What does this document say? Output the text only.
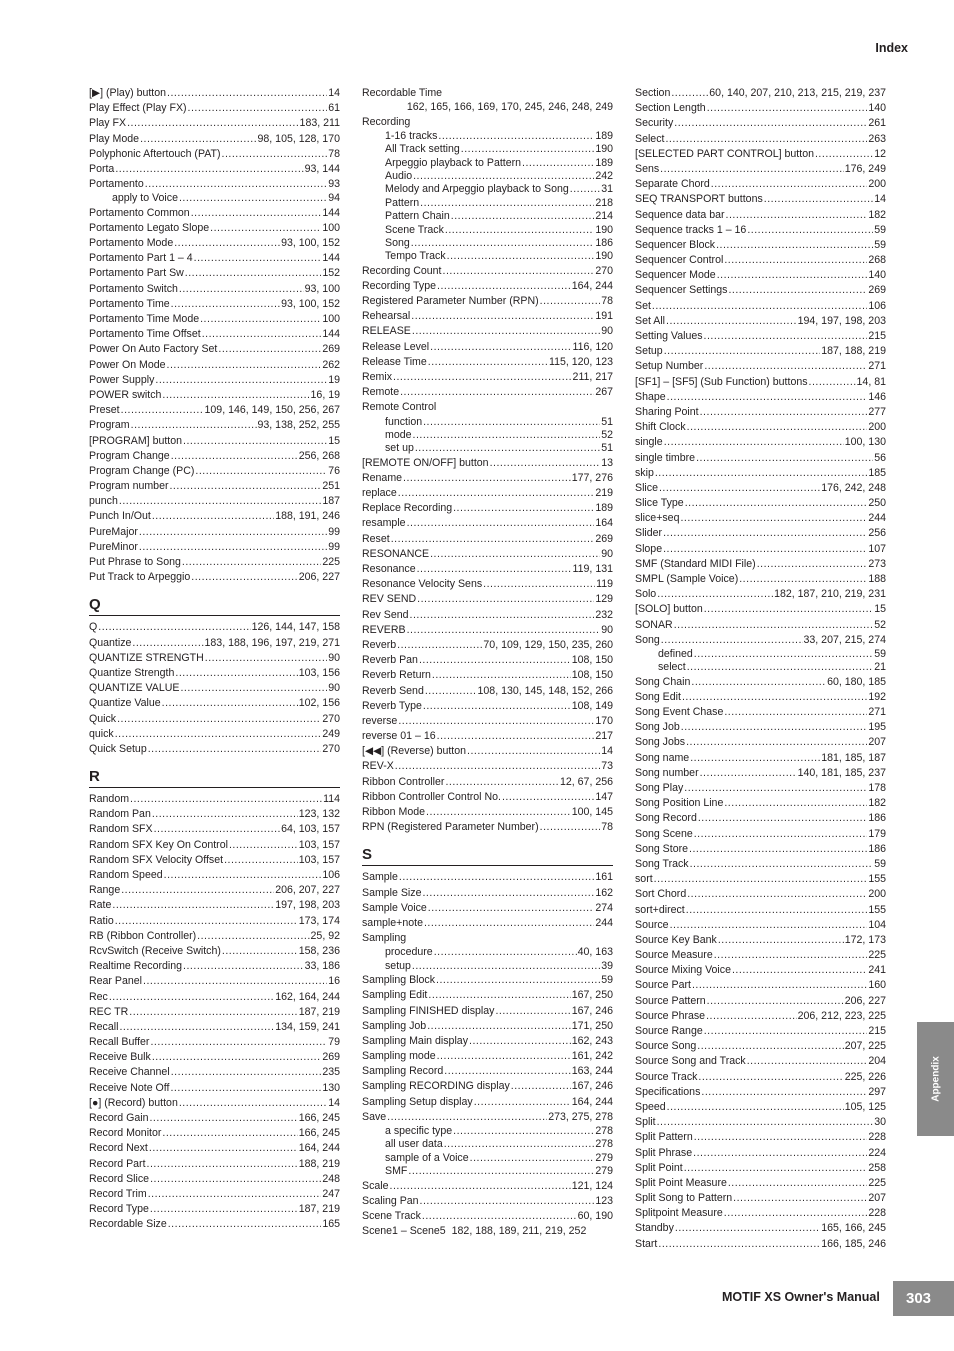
Index
[▶] (Play) button .....	14
Play Effect (Play FX) .....	61
Play FX .....	183, 211
Play Mode .....	98, 105, 128, 170
Polyphonic Aftertouch (PAT) .....	78
Porta .....	93, 144
Portamento .....	93
apply to Voice .....	94
Portamento Common .....	144
Portamento Legato Slope .....	100
Portamento Mode .....	93, 100, 152
Portamento Part 1 – 4 .....	144
Portamento Part Sw .....	152
Portamento Switch .....	93, 100
Portamento Time .....	93, 100, 152
Portamento Time Mode .....	100
Portamento Time Offset .....	144
Power On Auto Factory Set .....	269
Power On Mode .....	262
Power Supply .....	19
POWER switch .....	16, 19
Preset .....	109, 146, 149, 150, 256, 267
Program .....	93, 138, 252, 255
[PROGRAM] button .....	15
Program Change .....	256, 268
Program Change (PC) .....	76
Program number .....	251
punch .....	187
Punch In/Out .....	188, 191, 246
PureMajor .....	99
PureMinor .....	99
Put Phrase to Song .....	225
Put Track to Arpeggio .....	206, 227
Q
Q .....	126, 144, 147, 158
Quantize .....	183, 188, 196, 197, 219, 271
QUANTIZE STRENGTH .....	90
Quantize Strength .....	103, 156
QUANTIZE VALUE .....	90
Quantize Value .....	102, 156
Quick .....	270
quick .....	249
Quick Setup .....	270
R
Random .....	114
Random Pan .....	123, 132
Random SFX .....	64, 103, 157
Random SFX Key On Control .....	103, 157
Random SFX Velocity Offset .....	103, 157
Random Speed .....	106
Range .....	206, 207, 227
Rate .....	197, 198, 203
Ratio .....	173, 174
RB (Ribbon Controller) .....	25, 92
RcvSwitch (Receive Switch) .....	158, 236
Realtime Recording .....	33, 186
Rear Panel .....	16
Rec .....	162, 164, 244
REC TR .....	187, 219
Recall .....	134, 159, 241
Recall Buffer .....	79
Receive Bulk .....	269
Receive Channel .....	235
Receive Note Off .....	130
[●] (Record) button .....	14
Record Gain .....	166, 245
Record Monitor .....	166, 245
Record Next .....	164, 244
Record Part .....	188, 219
Record Slice .....	248
Record Trim .....	247
Record Type .....	187, 219
Recordable Size .....	165
Recordable Time
162, 165, 166, 169, 170, 245, 246, 248, 249
Recording
1-16 tracks .....	189
All Track setting .....	190
Arpeggio playback to Pattern .....	189
Audio .....	242
Melody and Arpeggio playback to Song .....	31
Pattern .....	218
Pattern Chain .....	214
Scene Track .....	190
Song .....	186
Tempo Track .....	190
Recording Count .....	270
Recording Type .....	164, 244
Registered Parameter Number (RPN) .....	78
Rehearsal .....	191
RELEASE .....	90
Release Level .....	116, 120
Release Time .....	115, 120, 123
Remix .....	211, 217
Remote .....	267
Remote Control
function .....	51
mode .....	52
set up .....	51
[REMOTE ON/OFF] button .....	13
Rename .....	177, 276
replace .....	219
Replace Recording .....	189
resample .....	164
Reset .....	269
RESONANCE .....	90
Resonance .....	119, 131
Resonance Velocity Sens .....	119
REV SEND .....	129
Rev Send .....	232
REVERB .....	90
Reverb .....	70, 109, 129, 150, 235, 260
Reverb Pan .....	108, 150
Reverb Return .....	108, 150
Reverb Send .....	108, 130, 145, 148, 152, 266
Reverb Type .....	108, 149
reverse .....	170
reverse 01 – 16 .....	217
[◀◀] (Reverse) button .....	14
REV-X .....	73
Ribbon Controller .....	12, 67, 256
Ribbon Controller Control No. .....	147
Ribbon Mode .....	100, 145
RPN (Registered Parameter Number) .....	78
S
Sample .....	161
Sample Size .....	162
Sample Voice .....	274
sample+note .....	244
Sampling
procedure .....	40, 163
setup .....	39
Sampling Block .....	59
Sampling Edit .....	167, 250
Sampling FINISHED display .....	167, 246
Sampling Job .....	171, 250
Sampling Main display .....	162, 243
Sampling mode .....	161, 242
Sampling Record .....	163, 244
Sampling RECORDING display .....	167, 246
Sampling Setup display .....	164, 244
Save .....	273, 275, 278
a specific type .....	278
all user data .....	278
sample of a Voice .....	279
SMF .....	279
Scale .....	121, 124
Scaling Pan .....	123
Scene Track .....	60, 190
Scene1 – Scene5 182, 188, 189, 211, 219, 252
Section .....	60, 140, 207, 210, 213, 215, 219, 237
Section Length .....	140
Security .....	261
Select .....	263
[SELECTED PART CONTROL] button .....	12
Sens .....	176, 249
Separate Chord .....	200
SEQ TRANSPORT buttons .....	14
Sequence data bar .....	182
Sequence tracks 1 – 16 .....	59
Sequencer Block .....	59
Sequencer Control .....	268
Sequencer Mode .....	140
Sequencer Settings .....	269
Set .....	106
Set All .....	194, 197, 198, 203
Setting Values .....	215
Setup .....	187, 188, 219
Setup Number .....	271
[SF1] – [SF5] (Sub Function) buttons .....	14, 81
Shape .....	146
Sharing Point .....	277
Shift Clock .....	200
single .....	100, 130
single timbre .....	56
skip .....	185
Slice .....	176, 242, 248
Slice Type .....	250
slice+seq .....	244
Slider .....	256
Slope .....	107
SMF (Standard MIDI File) .....	273
SMPL (Sample Voice) .....	188
Solo .....	182, 187, 210, 219, 231
[SOLO] button .....	15
SONAR .....	52
Song .....	33, 207, 215, 274
defined .....	59
select .....	21
Song Chain .....	60, 180, 185
Song Edit .....	192
Song Event Chase .....	271
Song Job .....	195
Song Jobs .....	207
Song name .....	181, 185, 187
Song number .....	140, 181, 185, 237
Song Play .....	178
Song Position Line .....	182
Song Record .....	186
Song Scene .....	179
Song Store .....	186
Song Track .....	59
sort .....	155
Sort Chord .....	200
sort+direct .....	155
Source .....	104
Source Key Bank .....	172, 173
Source Measure .....	225
Source Mixing Voice .....	241
Source Part .....	160
Source Pattern .....	206, 227
Source Phrase .....	206, 212, 223, 225
Source Range .....	215
Source Song .....	207, 225
Source Song and Track .....	204
Source Track .....	225, 226
Specifications .....	297
Speed .....	105, 125
Split .....	30
Split Pattern .....	228
Split Phrase .....	224
Split Point .....	258
Split Point Measure .....	225
Split Song to Pattern .....	207
Splitpoint Measure .....	228
Standby .....	165, 166, 245
Start .....	166, 185, 246
Appendix
MOTIF XS Owner's Manual	303
